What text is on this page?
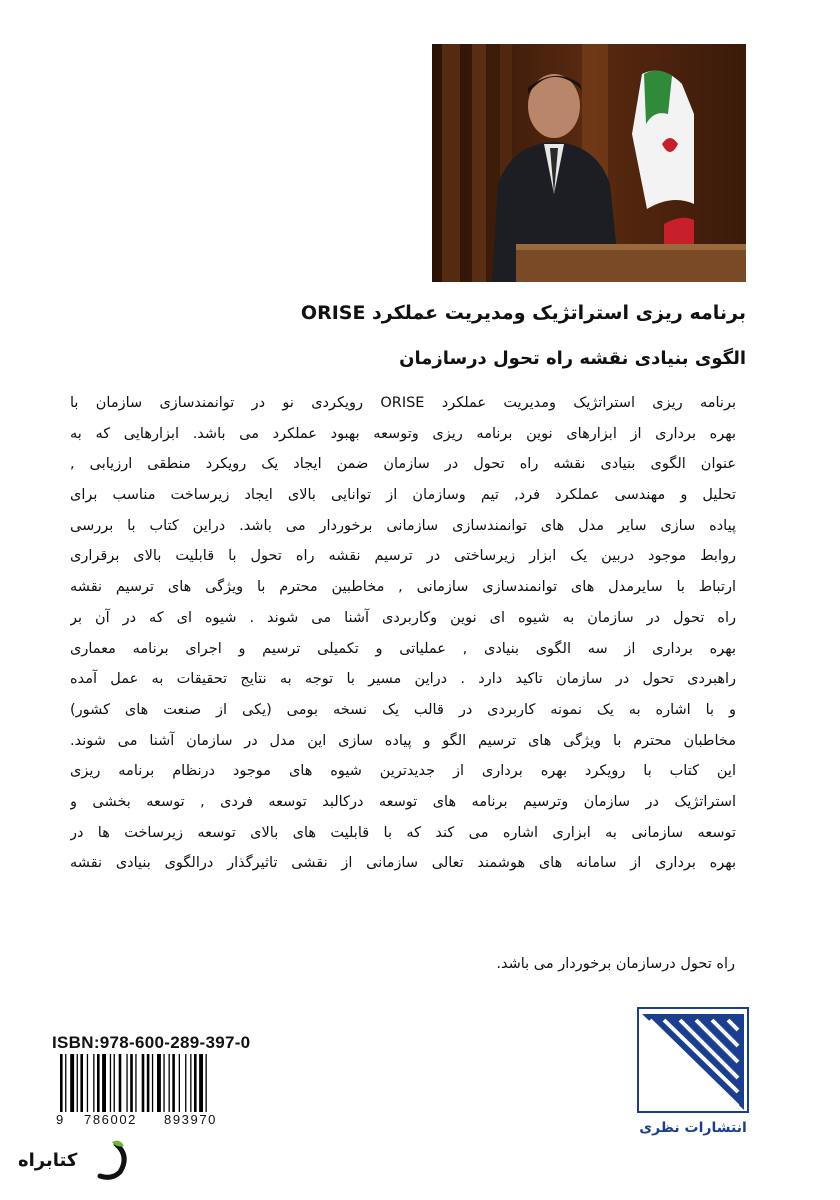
برنامه ریزی استراتژیک ومدیریت عملکرد ORISE
الگوی بنیادی نقشه راه تحول درسازمان
برنامه ریزی استراتژیک ومدیریت عملکرد ORISE رویکردی نو در توانمندسازی سازمان با
بهره برداری از ابزارهای نوین برنامه ریزی وتوسعه بهبود عملکرد می باشد. ابزارهایی که به
عنوان الگوی بنیادی نقشه راه تحول در سازمان ضمن ایجاد یک رویکرد منطقی ارزیابی ,
تحلیل و مهندسی عملکرد فرد, تیم وسازمان از توانایی بالای ایجاد زیرساخت مناسب برای
پیاده سازی سایر مدل های توانمندسازی سازمانی برخوردار می باشد. دراین کتاب با بررسی
روابط موجود دربین یک ابزار زیرساختی در ترسیم نقشه راه تحول با قابلیت بالای برقراری
ارتباط با سایرمدل های توانمندسازی سازمانی , مخاطبین محترم با ویژگی های ترسیم نقشه
راه تحول در سازمان به شیوه ای نوین وکاربردی آشنا می شوند . شیوه ای که در آن بر
بهره برداری از سه الگوی بنیادی , عملیاتی و تکمیلی ترسیم و اجرای برنامه معماری
راهبردی تحول در سازمان تاکید دارد . دراین مسیر با توجه به نتایج تحقیقات به عمل آمده
و با اشاره به یک نمونه کاربردی در قالب یک نسخه بومی (یکی از صنعت های کشور)
مخاطبان محترم با ویژگی های ترسیم الگو و پیاده سازی این مدل در سازمان آشنا می شوند.
این کتاب با رویکرد بهره برداری از جدیدترین شیوه های موجود درنظام برنامه ریزی
استراتژیک در سازمان وترسیم برنامه های توسعه درکالبد توسعه فردی , توسعه بخشی و
توسعه سازمانی به ابزاری اشاره می کند که با قابلیت های بالای توسعه زیرساخت ها در
بهره برداری از سامانه های هوشمند تعالی سازمانی از نقشی تاثیرگذار درالگوی بنیادی نقشه
راه تحول درسازمان برخوردار می باشد.
ISBN:978-600-289-397-0
9 786002 893970
انتشارات نظری
کتابراه
